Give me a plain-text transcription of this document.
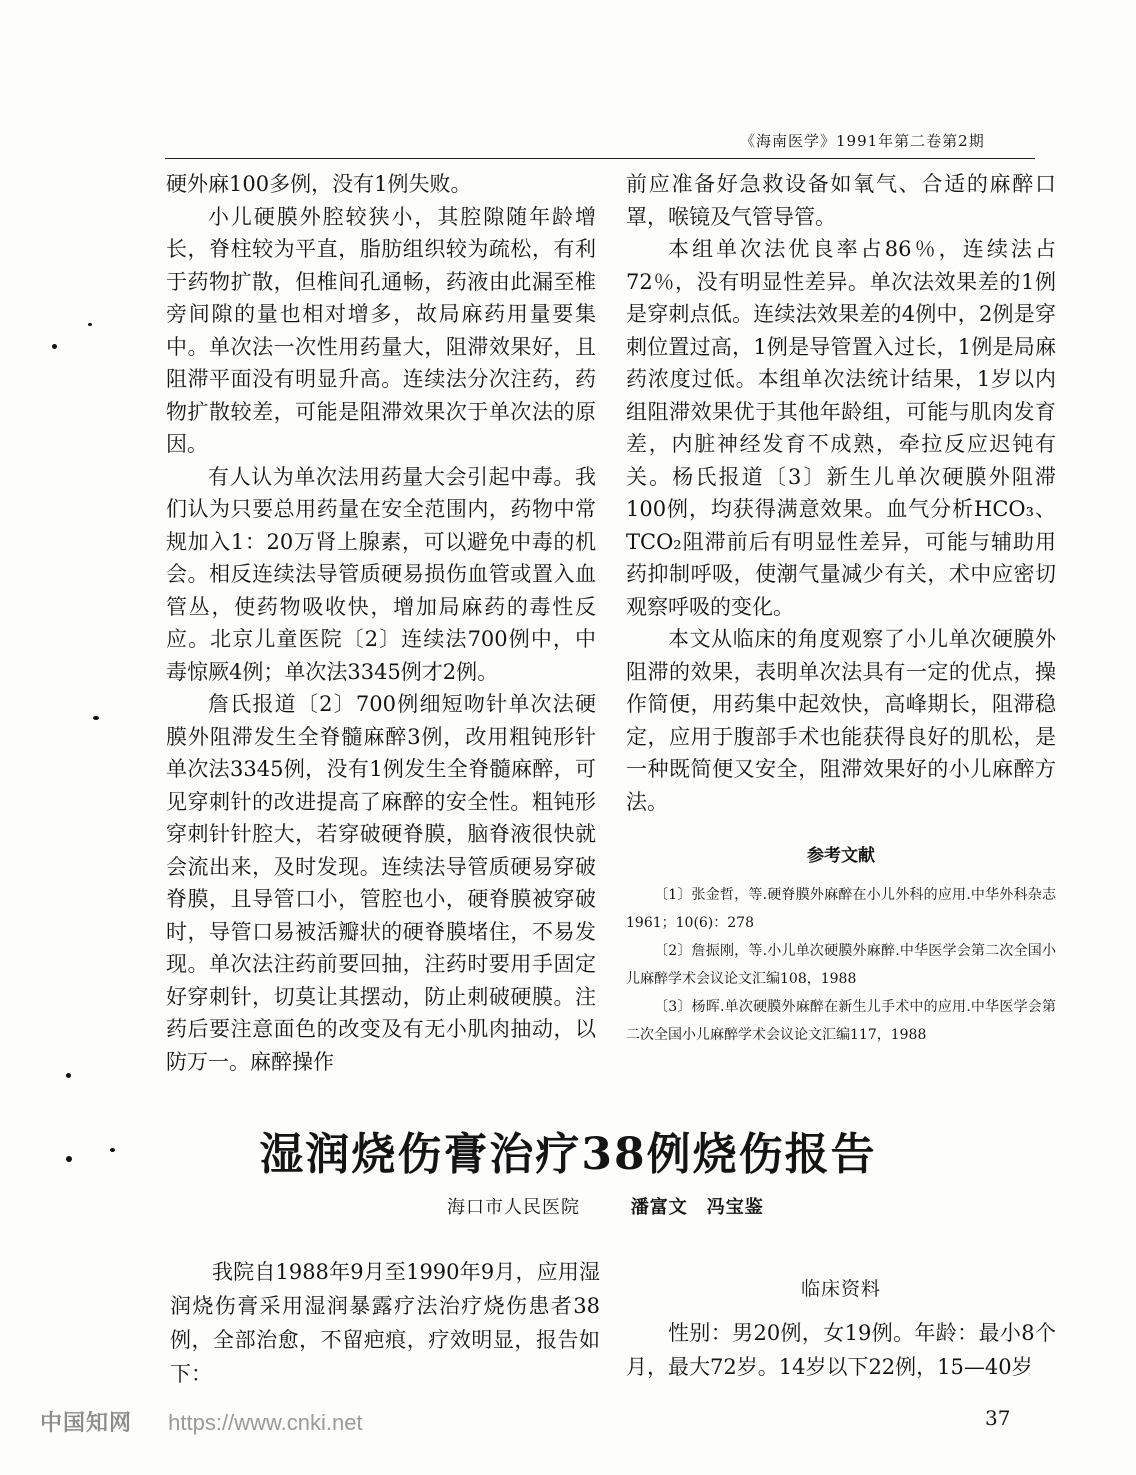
《海南医学》1991年第二卷第2期

硬外麻100多例，没有1例失败。

小儿硬膜外腔较狭小，其腔隙随年龄增长，脊柱较为平直，脂肪组织较为疏松，有利于药物扩散，但椎间孔通畅，药液由此漏至椎旁间隙的量也相对增多，故局麻药用量要集中。单次法一次性用药量大，阻滞效果好，且阻滞平面没有明显升高。连续法分次注药，药物扩散较差，可能是阻滞效果次于单次法的原因。

有人认为单次法用药量大会引起中毒。我们认为只要总用药量在安全范围内，药物中常规加入1：20万肾上腺素，可以避免中毒的机会。相反连续法导管质硬易损伤血管或置入血管丛，使药物吸收快，增加局麻药的毒性反应。北京儿童医院〔2〕连续法700例中，中毒惊厥4例；单次法3345例才2例。

詹氏报道〔2〕700例细短吻针单次法硬膜外阻滞发生全脊髓麻醉3例，改用粗钝形针单次法3345例，没有1例发生全脊髓麻醉，可见穿刺针的改进提高了麻醉的安全性。粗钝形穿刺针针腔大，若穿破硬脊膜，脑脊液很快就会流出来，及时发现。连续法导管质硬易穿破脊膜，且导管口小，管腔也小，硬脊膜被穿破时，导管口易被活瓣状的硬脊膜堵住，不易发现。单次法注药前要回抽，注药时要用手固定好穿刺针，切莫让其摆动，防止刺破硬膜。注药后要注意面色的改变及有无小肌肉抽动，以防万一。麻醉操作

前应准备好急救设备如氧气、合适的麻醉口罩，喉镜及气管导管。

本组单次法优良率占86％，连续法占72％，没有明显性差异。单次法效果差的1例是穿刺点低。连续法效果差的4例中，2例是穿刺位置过高，1例是导管置入过长，1例是局麻药浓度过低。本组单次法统计结果，1岁以内组阻滞效果优于其他年龄组，可能与肌肉发育差，内脏神经发育不成熟，牵拉反应迟钝有关。杨氏报道〔3〕新生儿单次硬膜外阻滞100例，均获得满意效果。血气分析HCO₃、TCO₂阻滞前后有明显性差异，可能与辅助用药抑制呼吸，使潮气量减少有关，术中应密切观察呼吸的变化。

本文从临床的角度观察了小儿单次硬膜外阻滞的效果，表明单次法具有一定的优点，操作简便，用药集中起效快，高峰期长，阻滞稳定，应用于腹部手术也能获得良好的肌松，是一种既简便又安全，阻滞效果好的小儿麻醉方法。

参考文献

〔1〕张金哲，等.硬脊膜外麻醉在小儿外科的应用.中华外科杂志1961；10(6)：278

〔2〕詹振刚，等.小儿单次硬膜外麻醉.中华医学会第二次全国小儿麻醉学术会议论文汇编108，1988

〔3〕杨晖.单次硬膜外麻醉在新生儿手术中的应用.中华医学会第二次全国小儿麻醉学术会议论文汇编117，1988

湿润烧伤膏治疗38例烧伤报告
海口市人民医院	潘富文　冯宝鉴

我院自1988年9月至1990年9月，应用湿润烧伤膏采用湿润暴露疗法治疗烧伤患者38例，全部治愈，不留疤痕，疗效明显，报告如下：

临床资料

性别：男20例，女19例。年龄：最小8个月，最大72岁。14岁以下22例，15—40岁

中国知网 https://www.cnki.net	37
